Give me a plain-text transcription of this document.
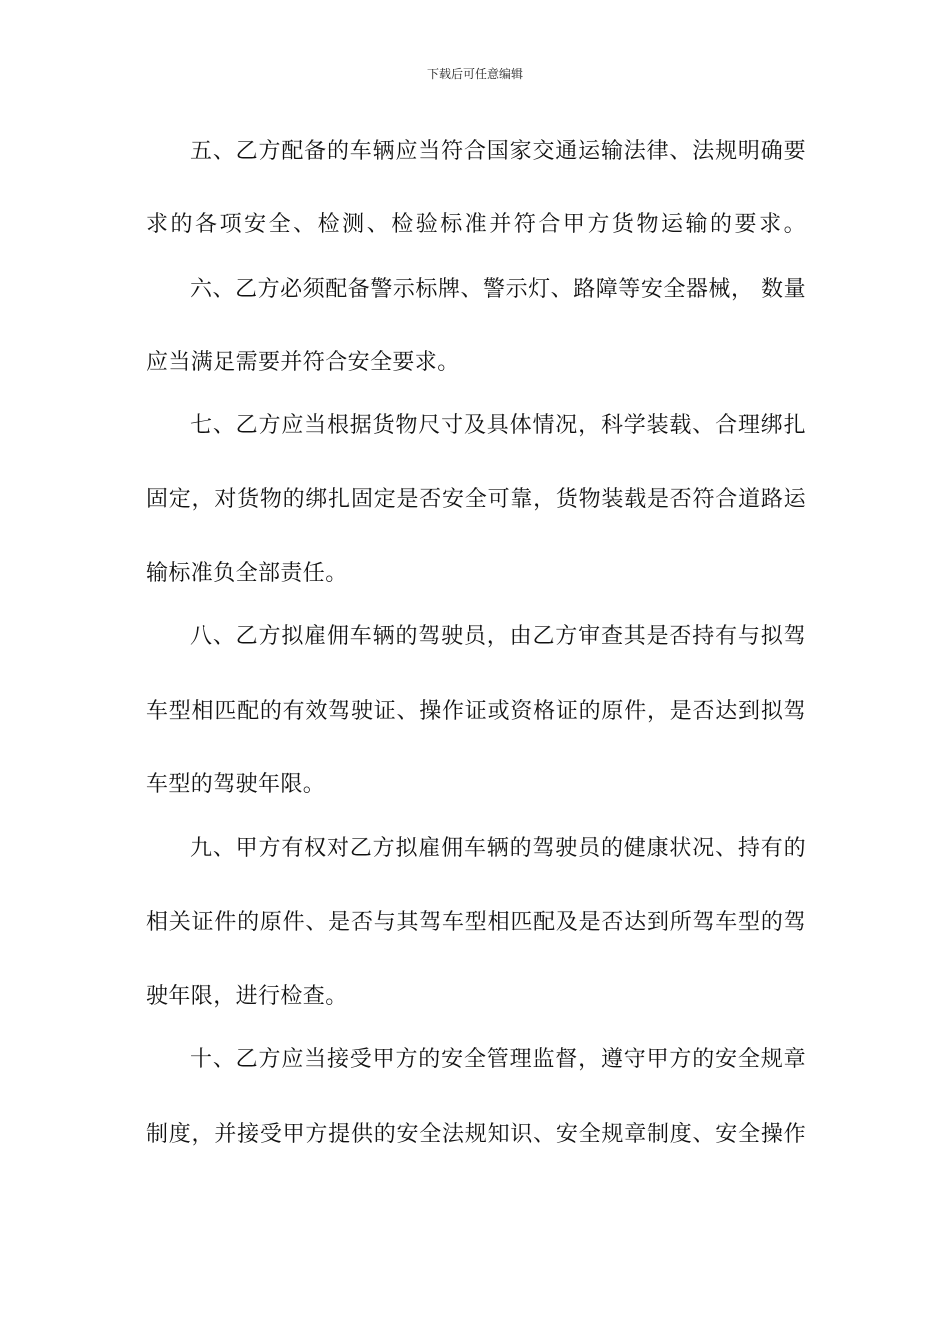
下载后可任意编辑
五、乙方配备的车辆应当符合国家交通运输法律、法规明确要
求的各项安全、检测、检验标准并符合甲方货物运输的要求。
六、乙方必须配备警示标牌、警示灯、路障等安全器械， 数量
应当满足需要并符合安全要求。
七、乙方应当根据货物尺寸及具体情况，科学装载、合理绑扎
固定，对货物的绑扎固定是否安全可靠，货物装载是否符合道路运
输标准负全部责任。
八、乙方拟雇佣车辆的驾驶员，由乙方审查其是否持有与拟驾
车型相匹配的有效驾驶证、操作证或资格证的原件，是否达到拟驾
车型的驾驶年限。
九、甲方有权对乙方拟雇佣车辆的驾驶员的健康状况、持有的
相关证件的原件、是否与其驾车型相匹配及是否达到所驾车型的驾
驶年限，进行检查。
十、乙方应当接受甲方的安全管理监督，遵守甲方的安全规章
制度，并接受甲方提供的安全法规知识、安全规章制度、安全操作
